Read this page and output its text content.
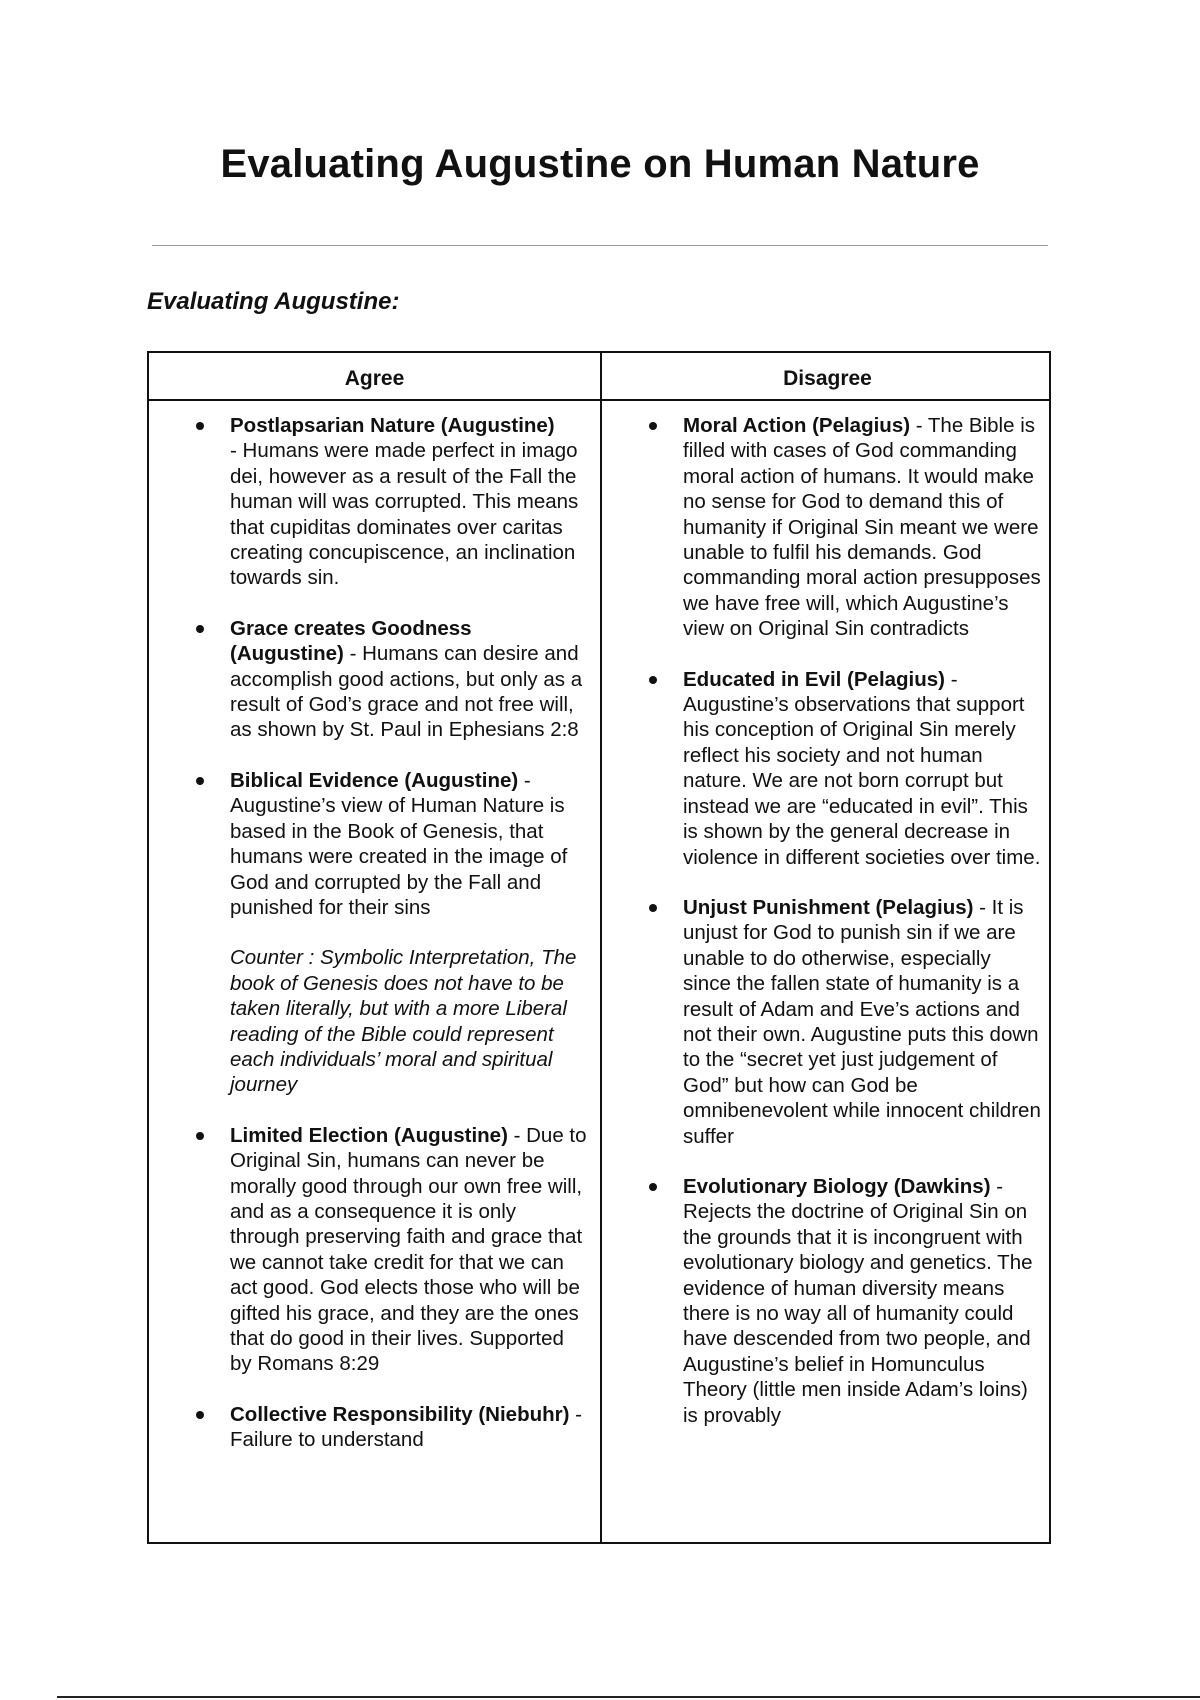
Evaluating Augustine on Human Nature
Evaluating Augustine:
Agree	Disagree
Postlapsarian Nature (Augustine)
- Humans were made perfect in imago dei, however as a result of the Fall the human will was corrupted. This means that cupiditas dominates over caritas creating concupiscence, an inclination towards sin.
Grace creates Goodness (Augustine) - Humans can desire and accomplish good actions, but only as a result of God’s grace and not free will, as shown by St. Paul in Ephesians 2:8
Biblical Evidence (Augustine) - Augustine’s view of Human Nature is based in the Book of Genesis, that humans were created in the image of God and corrupted by the Fall and punished for their sins
Counter : Symbolic Interpretation, The book of Genesis does not have to be taken literally, but with a more Liberal reading of the Bible could represent each individuals’ moral and spiritual journey
Limited Election (Augustine) - Due to Original Sin, humans can never be morally good through our own free will, and as a consequence it is only through preserving faith and grace that we cannot take credit for that we can act good. God elects those who will be gifted his grace, and they are the ones that do good in their lives. Supported by Romans 8:29
Collective Responsibility (Niebuhr) - Failure to understand
Moral Action (Pelagius) - The Bible is filled with cases of God commanding moral action of humans. It would make no sense for God to demand this of humanity if Original Sin meant we were unable to fulfil his demands. God commanding moral action presupposes we have free will, which Augustine’s view on Original Sin contradicts
Educated in Evil (Pelagius) - Augustine’s observations that support his conception of Original Sin merely reflect his society and not human nature. We are not born corrupt but instead we are “educated in evil”. This is shown by the general decrease in violence in different societies over time.
Unjust Punishment (Pelagius) - It is unjust for God to punish sin if we are unable to do otherwise, especially since the fallen state of humanity is a result of Adam and Eve’s actions and not their own. Augustine puts this down to the “secret yet just judgement of God” but how can God be omnibenevolent while innocent children suffer
Evolutionary Biology (Dawkins) - Rejects the doctrine of Original Sin on the grounds that it is incongruent with evolutionary biology and genetics. The evidence of human diversity means there is no way all of humanity could have descended from two people, and Augustine’s belief in Homunculus Theory (little men inside Adam’s loins) is provably
